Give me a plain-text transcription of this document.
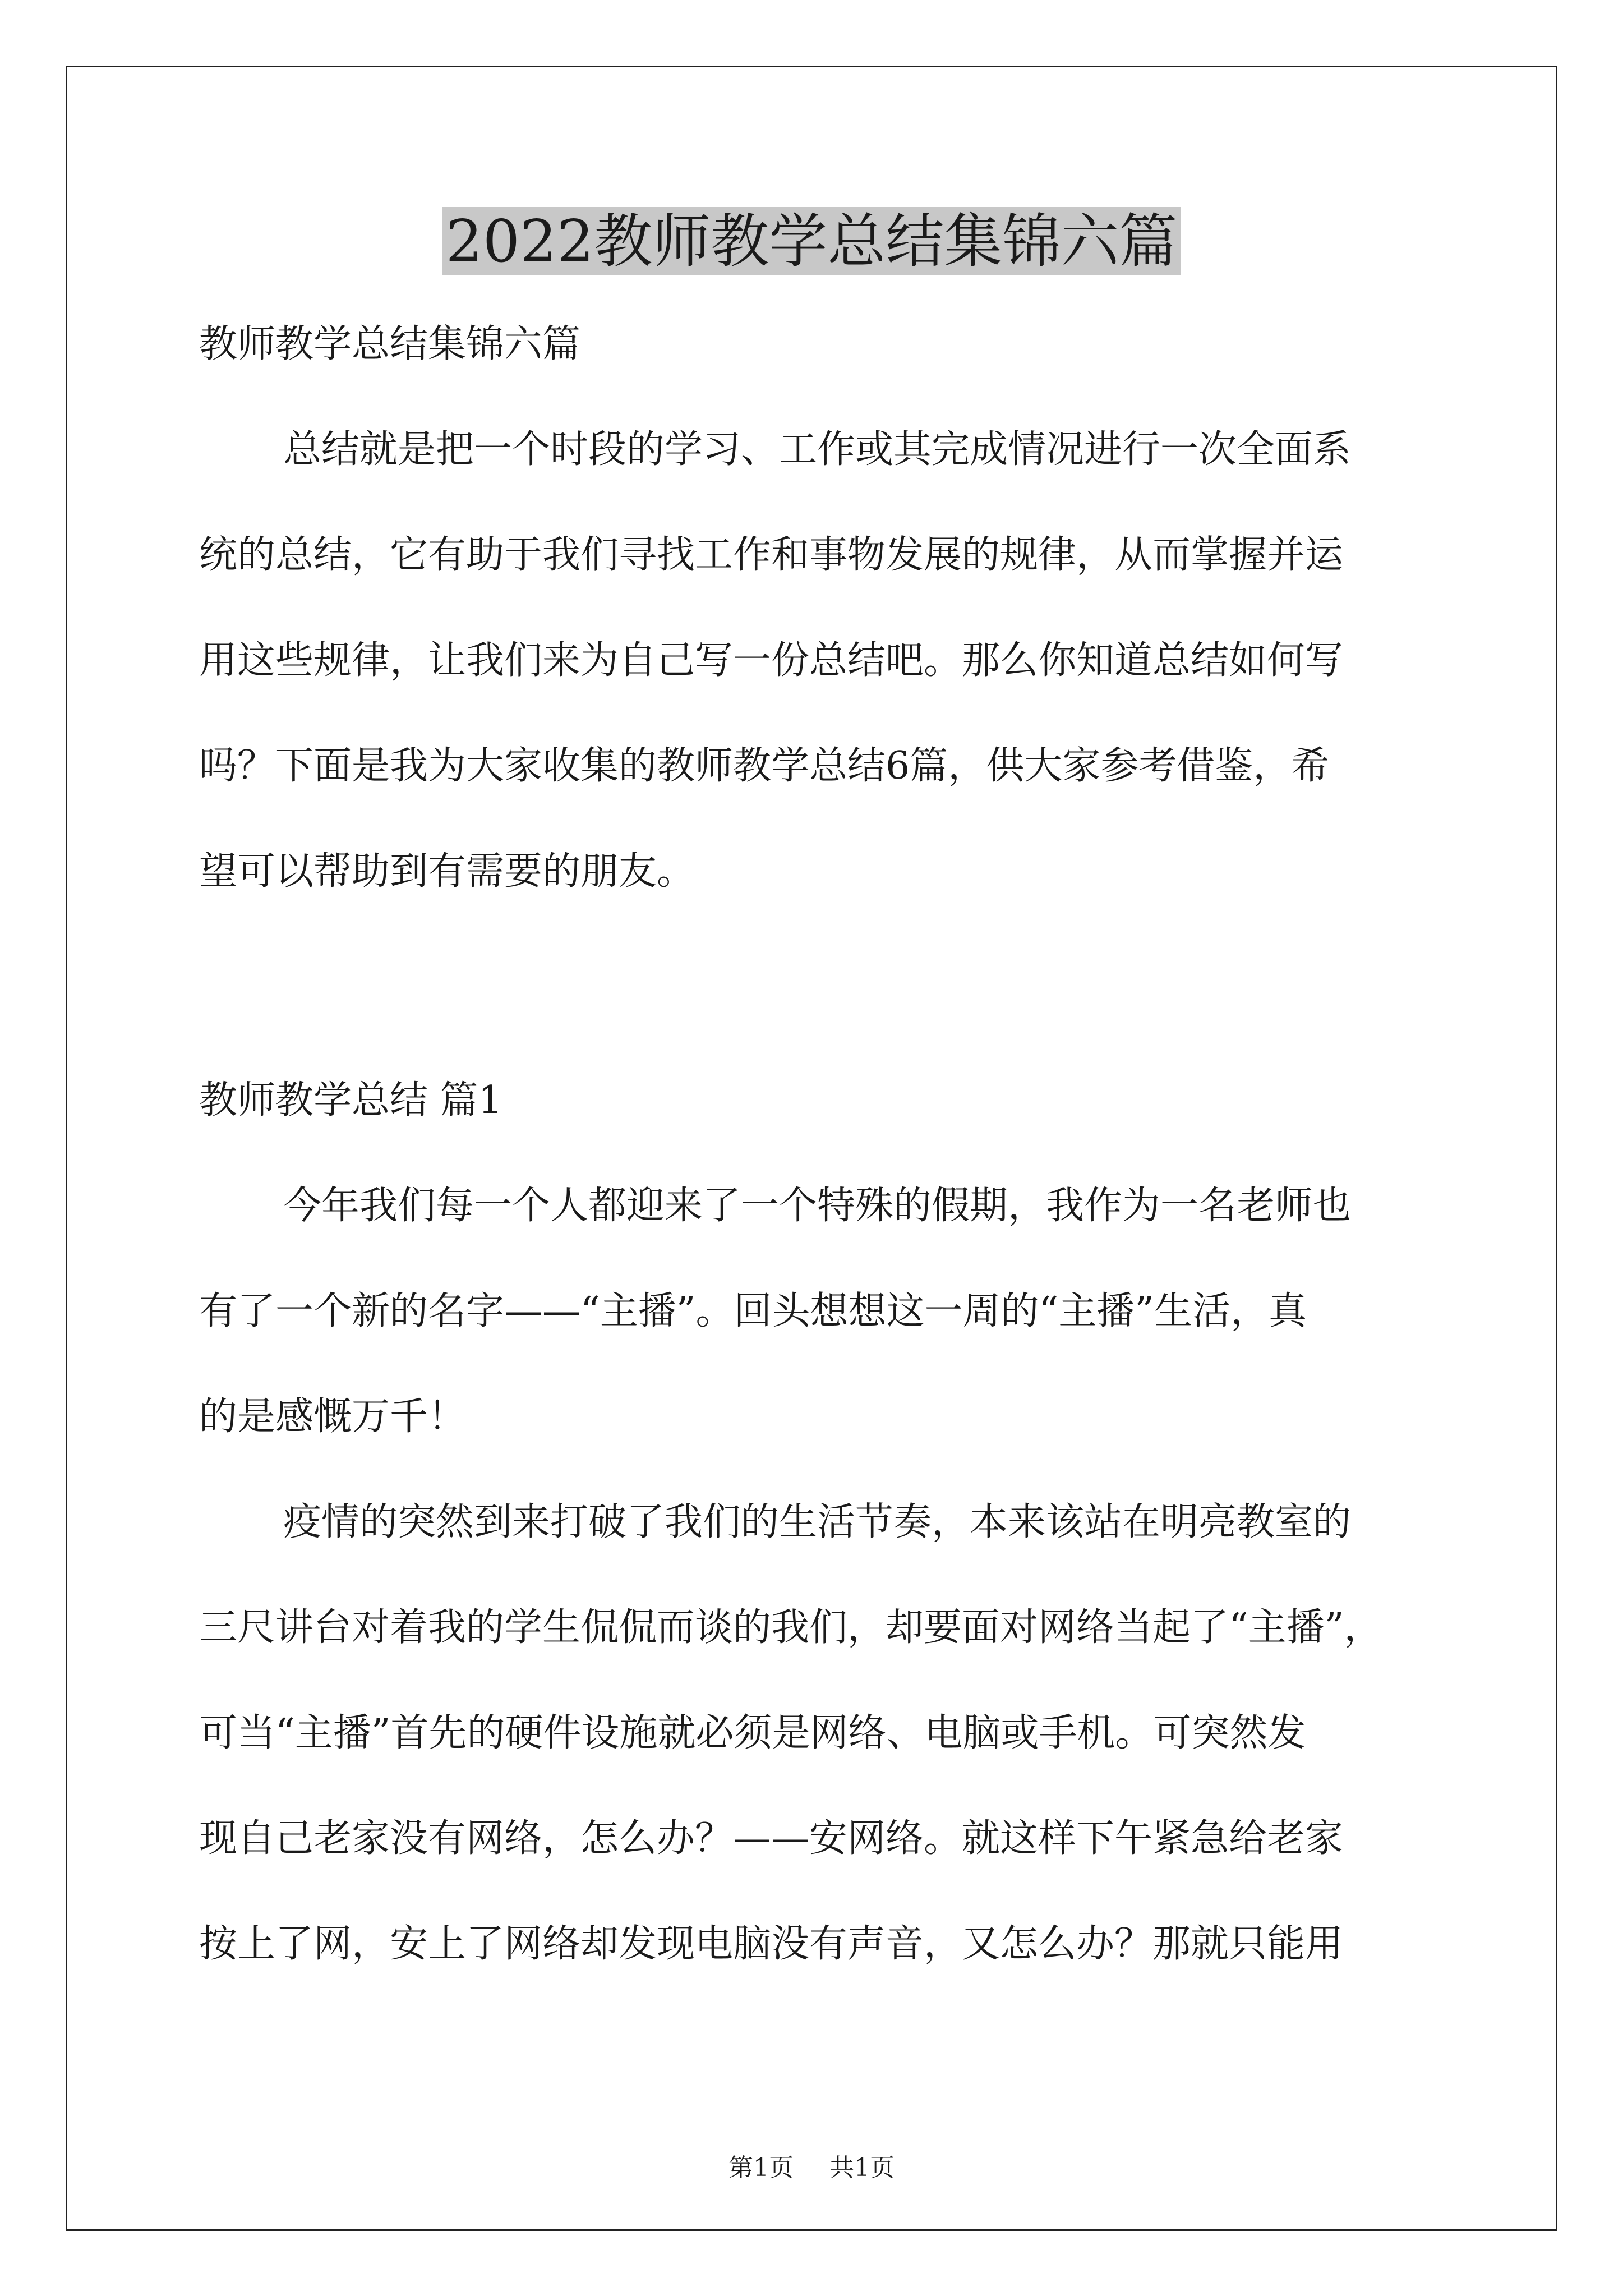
2022教师教学总结集锦六篇

教师教学总结集锦六篇

总结就是把一个时段的学习、工作或其完成情况进行一次全面系

统的总结，它有助于我们寻找工作和事物发展的规律，从而掌握并运

用这些规律，让我们来为自己写一份总结吧。那么你知道总结如何写

吗？下面是我为大家收集的教师教学总结6篇，供大家参考借鉴，希

望可以帮助到有需要的朋友。

教师教学总结 篇1

今年我们每一个人都迎来了一个特殊的假期，我作为一名老师也

有了一个新的名字——“主播”。回头想想这一周的“主播”生活，真

的是感慨万千！

疫情的突然到来打破了我们的生活节奏，本来该站在明亮教室的

三尺讲台对着我的学生侃侃而谈的我们，却要面对网络当起了“主播”，

可当“主播”首先的硬件设施就必须是网络、电脑或手机。可突然发

现自己老家没有网络，怎么办？——安网络。就这样下午紧急给老家

按上了网，安上了网络却发现电脑没有声音，又怎么办？那就只能用

第1页 共1页
